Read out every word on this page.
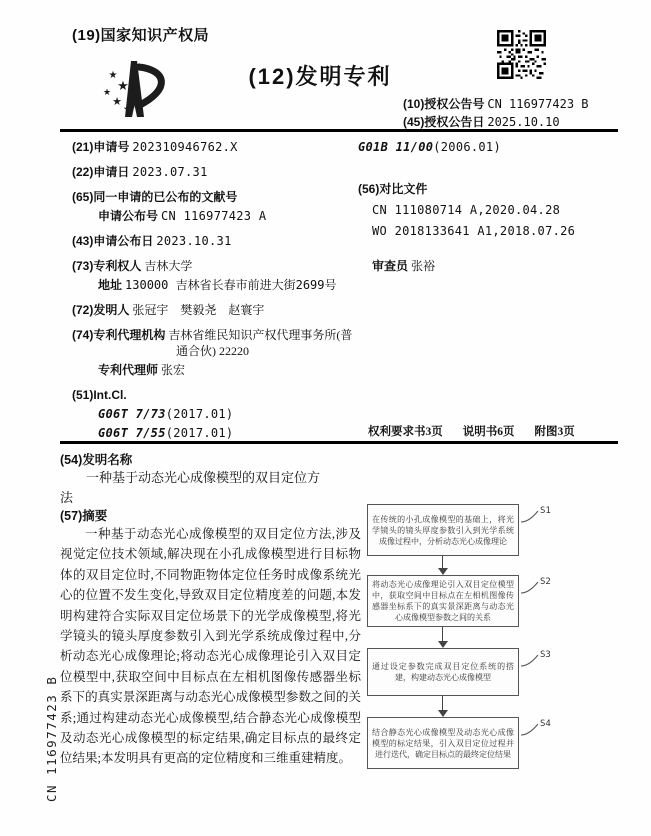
(19)国家知识产权局
★
★
★
★
★
(12)发明专利
(10)授权公告号 CN 116977423 B
(45)授权公告日 2025.10.10
(21)申请号 202310946762.X
(22)申请日 2023.07.31
(65)同一申请的已公布的文献号
申请公布号 CN 116977423 A
(43)申请公布日 2023.10.31
(73)专利权人 吉林大学
地址 130000 吉林省长春市前进大街2699号
(72)发明人 张冠宇　樊毅尧　赵寰宇
(74)专利代理机构 吉林省维民知识产权代理事务所(普通合伙) 22220
专利代理师 张宏
(51)Int.Cl.
G06T 7/73(2017.01)
G06T 7/55(2017.01)
G01B 11/00(2006.01)
(56)对比文件
CN 111080714 A,2020.04.28
WO 2018133641 A1,2018.07.26
审查员 张裕
权利要求书3页 说明书6页 附图3页
(54)发明名称
一种基于动态光心成像模型的双目定位方法
(57)摘要
一种基于动态光心成像模型的双目定位方法,涉及视觉定位技术领域,解决现在小孔成像模型进行目标物体的双目定位时,不同物距物体定位任务时成像系统光心的位置不发生变化,导致双目定位精度差的问题,本发明构建符合实际双目定位场景下的光学成像模型,将光学镜头的镜头厚度参数引入到光学系统成像过程中,分析动态光心成像理论;将动态光心成像理论引入双目定位模型中,获取空间中目标点在左相机图像传感器坐标系下的真实景深距离与动态光心成像模型参数之间的关系;通过构建动态光心成像模型,结合静态光心成像模型及动态光心成像模型的标定结果,确定目标点的最终定位结果;本发明具有更高的定位精度和三维重建精度。
在传统的小孔成像模型的基础上，将光学镜头的镜头厚度参数引入到光学系统成像过程中，分析动态光心成像理论
将动态光心成像理论引入双目定位模型中，获取空间中目标点在左相机图像传感器坐标系下的真实景深距离与动态光心成像模型参数之间的关系
通过设定参数完成双目定位系统的搭建，构建动态光心成像模型
结合静态光心成像模型及动态光心成像模型的标定结果，引入双目定位过程并进行迭代，确定目标点的最终定位结果
S1
S2
S3
S4
CN 116977423 B
